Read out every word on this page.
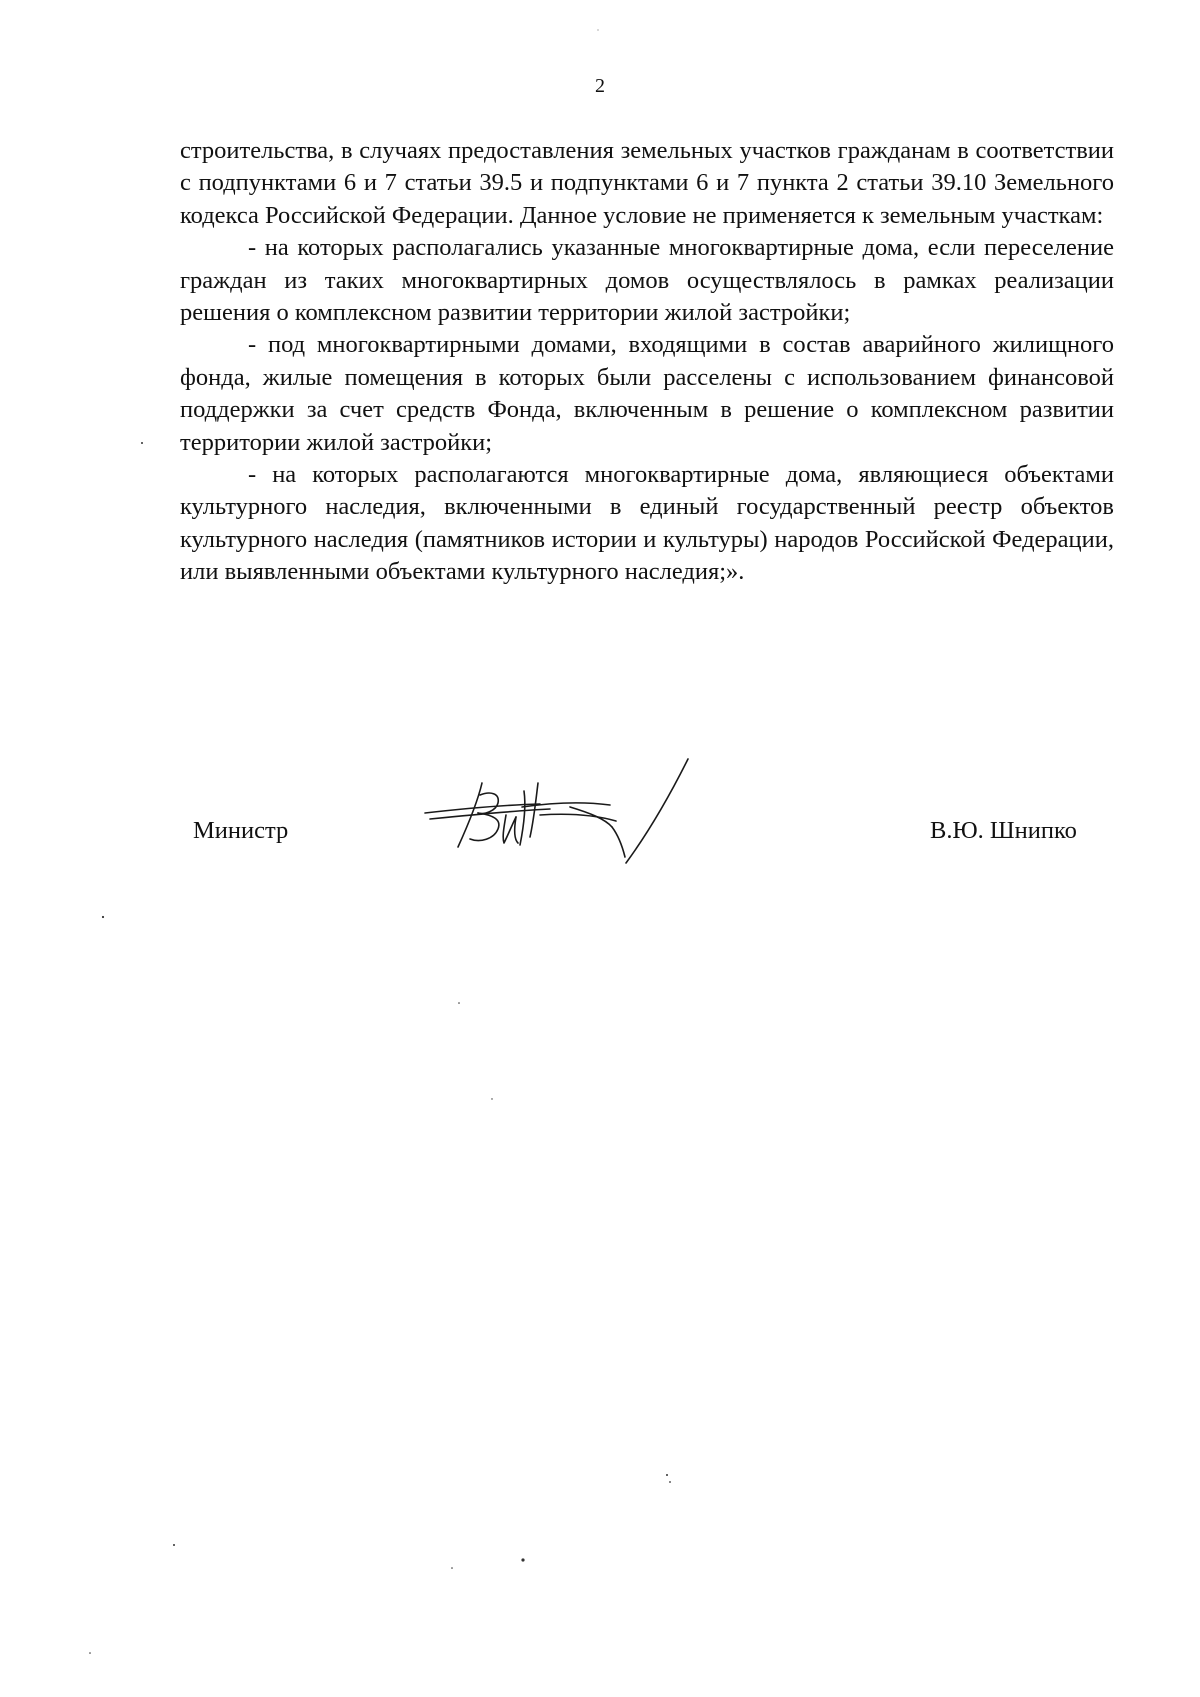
2

строительства, в случаях предоставления земельных участков гражданам в соответствии с подпунктами 6 и 7 статьи 39.5 и подпунктами 6 и 7 пункта 2 статьи 39.10 Земельного кодекса Российской Федерации. Данное условие не применяется к земельным участкам:

- на которых располагались указанные многоквартирные дома, если переселение граждан из таких многоквартирных домов осуществлялось в рамках реализации решения о комплексном развитии территории жилой застройки;

- под многоквартирными домами, входящими в состав аварийного жилищного фонда, жилые помещения в которых были расселены с использованием финансовой поддержки за счет средств Фонда, включенным в решение о комплексном развитии территории жилой застройки;

- на которых располагаются многоквартирные дома, являющиеся объектами культурного наследия, включенными в единый государственный реестр объектов культурного наследия (памятников истории и культуры) народов Российской Федерации, или выявленными объектами культурного наследия;».

Министр	В.Ю. Шнипко
